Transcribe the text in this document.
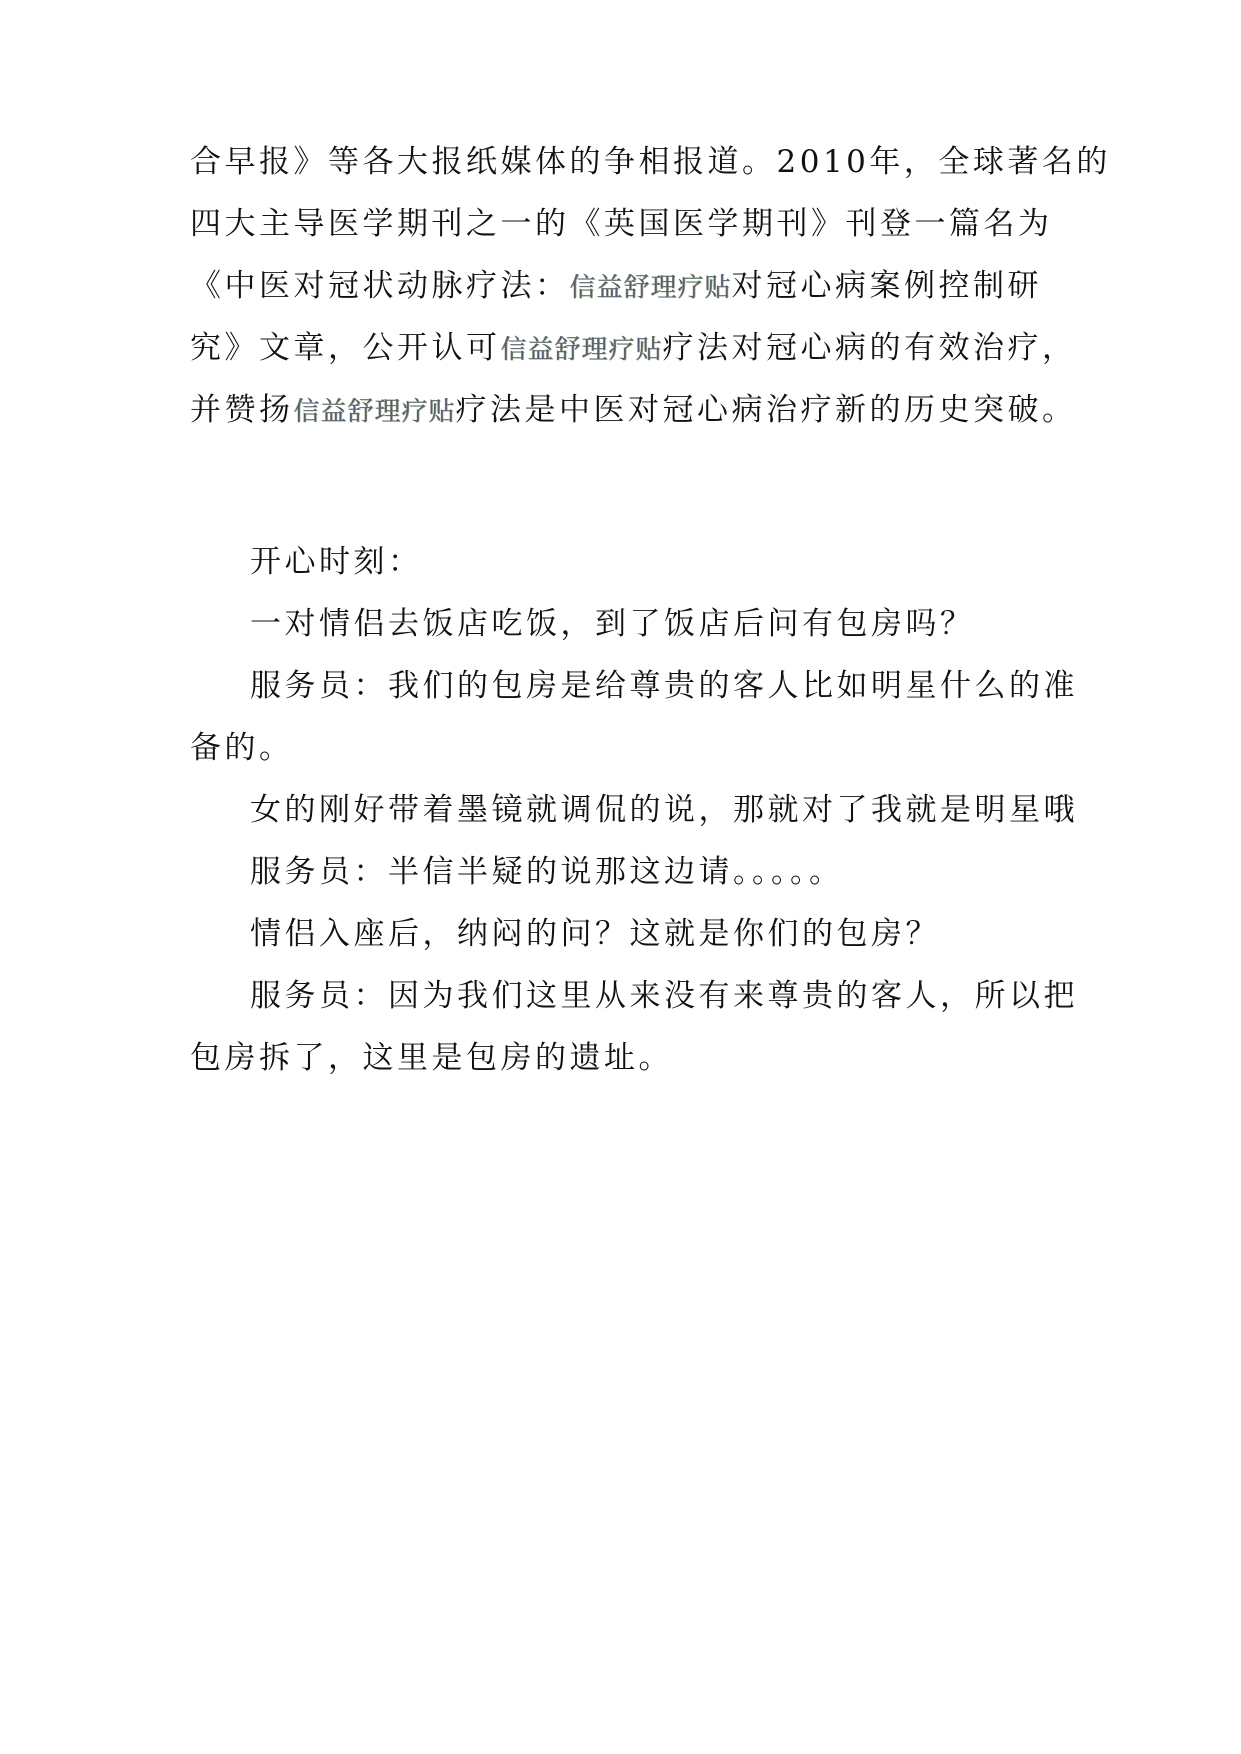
合早报》等各大报纸媒体的争相报道。2010年，全球著名的
四大主导医学期刊之一的《英国医学期刊》刊登一篇名为
《中医对冠状动脉疗法：信益舒理疗贴对冠心病案例控制研
究》文章，公开认可信益舒理疗贴疗法对冠心病的有效治疗，
并赞扬信益舒理疗贴疗法是中医对冠心病治疗新的历史突破。
开心时刻：
一对情侣去饭店吃饭，到了饭店后问有包房吗？
服务员：我们的包房是给尊贵的客人比如明星什么的准
备的。
女的刚好带着墨镜就调侃的说，那就对了我就是明星哦
服务员：半信半疑的说那这边请。。。。。
情侣入座后，纳闷的问？这就是你们的包房？
服务员：因为我们这里从来没有来尊贵的客人，所以把
包房拆了，这里是包房的遗址。
